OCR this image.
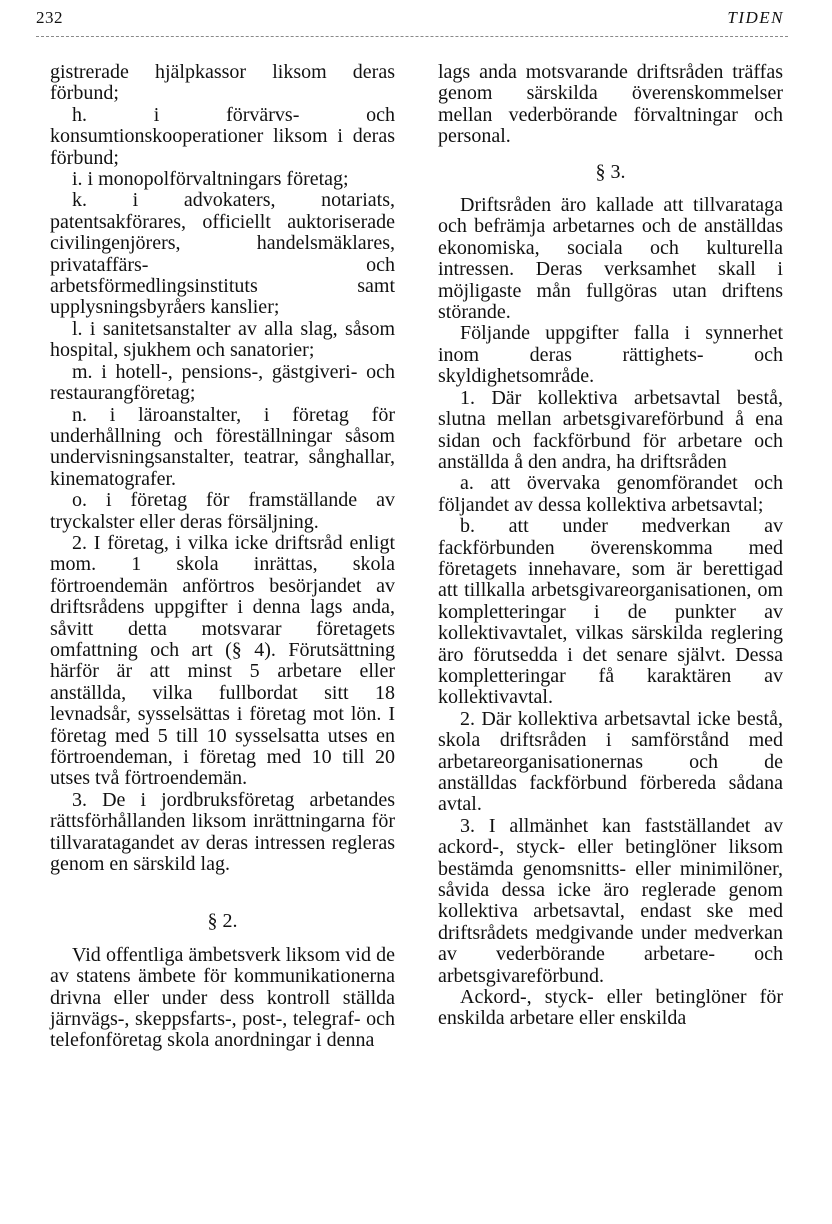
232	TIDEN

gistrerade hjälpkassor liksom deras förbund;

h. i förvärvs- och konsumtionskooperationer liksom i deras förbund;

i. i monopolförvaltningars företag;

k. i advokaters, notariats, patentsakförares, officiellt auktoriserade civilingenjörers, handelsmäklares, privataffärs- och arbetsförmedlingsinstituts samt upplysningsbyråers kanslier;

l. i sanitetsanstalter av alla slag, såsom hospital, sjukhem och sanatorier;

m. i hotell-, pensions-, gästgiveri- och restaurangföretag;

n. i läroanstalter, i företag för underhållning och föreställningar såsom undervisningsanstalter, teatrar, sånghallar, kinematografer.

o. i företag för framställande av tryckalster eller deras försäljning.

2. I företag, i vilka icke driftsråd enligt mom. 1 skola inrättas, skola förtroendemän anförtros besörjandet av driftsrådens uppgifter i denna lags anda, såvitt detta motsvarar företagets omfattning och art (§ 4). Förutsättning härför är att minst 5 arbetare eller anställda, vilka fullbordat sitt 18 levnadsår, sysselsättas i företag mot lön. I företag med 5 till 10 sysselsatta utses en förtroendeman, i företag med 10 till 20 utses två förtroendemän.

3. De i jordbruksföretag arbetandes rättsförhållanden liksom inrättningarna för tillvaratagandet av deras intressen regleras genom en särskild lag.

§ 2.

Vid offentliga ämbetsverk liksom vid de av statens ämbete för kommunikationerna drivna eller under dess kontroll ställda järnvägs-, skeppsfarts-, post-, telegraf- och telefonföretag skola anordningar i denna

lags anda motsvarande driftsråden träffas genom särskilda överenskommelser mellan vederbörande förvaltningar och personal.

§ 3.

Driftsråden äro kallade att tillvarataga och befrämja arbetarnes och de anställdas ekonomiska, sociala och kulturella intressen. Deras verksamhet skall i möjligaste mån fullgöras utan driftens störande.

Följande uppgifter falla i synnerhet inom deras rättighets- och skyldighetsområde.

1. Där kollektiva arbetsavtal bestå, slutna mellan arbetsgivareförbund å ena sidan och fackförbund för arbetare och anställda å den andra, ha driftsråden

a. att övervaka genomförandet och följandet av dessa kollektiva arbetsavtal;

b. att under medverkan av fackförbunden överenskomma med företagets innehavare, som är berettigad att tillkalla arbetsgivareorganisationen, om kompletteringar i de punkter av kollektivavtalet, vilkas särskilda reglering äro förutsedda i det senare självt. Dessa kompletteringar få karaktären av kollektivavtal.

2. Där kollektiva arbetsavtal icke bestå, skola driftsråden i samförstånd med arbetareorganisationernas och de anställdas fackförbund förbereda sådana avtal.

3. I allmänhet kan fastställandet av ackord-, styck- eller betinglöner liksom bestämda genomsnitts- eller minimilöner, såvida dessa icke äro reglerade genom kollektiva arbetsavtal, endast ske med driftsrådets medgivande under medverkan av vederbörande arbetare- och arbetsgivareförbund.

Ackord-, styck- eller betinglöner för enskilda arbetare eller enskilda
